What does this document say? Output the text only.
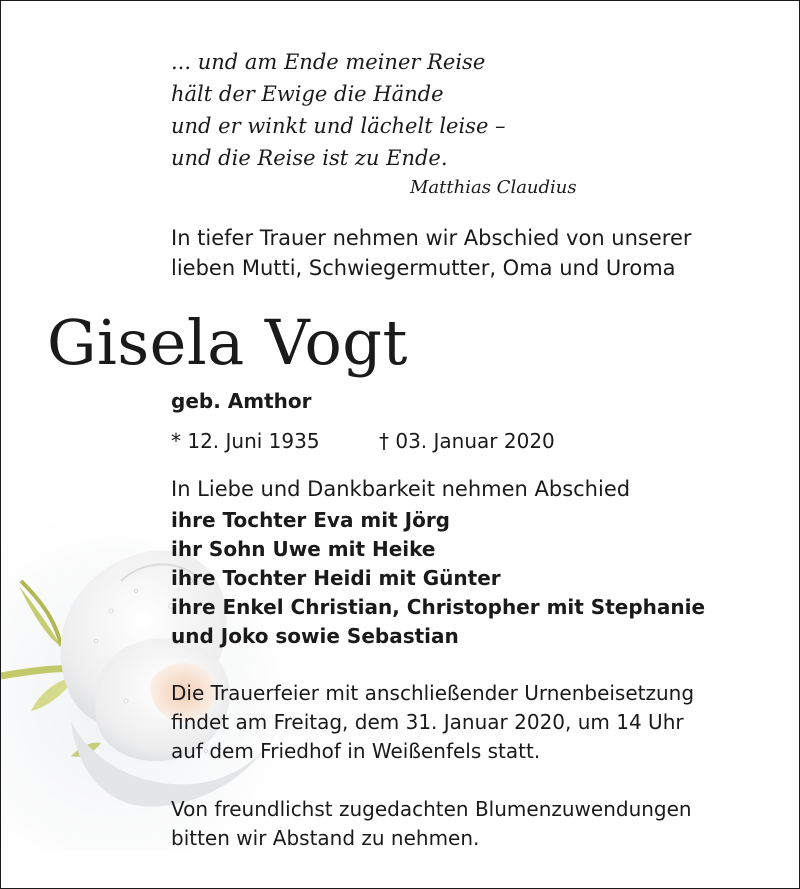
... und am Ende meiner Reise
hält der Ewige die Hände
und er winkt und lächelt leise –
und die Reise ist zu Ende.
Matthias Claudius
In tiefer Trauer nehmen wir Abschied von unserer
lieben Mutti, Schwiegermutter, Oma und Uroma
Gisela Vogt
geb. Amthor
* 12. Juni 1935	† 03. Januar 2020
In Liebe und Dankbarkeit nehmen Abschied
ihre Tochter Eva mit Jörg
ihr Sohn Uwe mit Heike
ihre Tochter Heidi mit Günter
ihre Enkel Christian, Christopher mit Stephanie
und Joko sowie Sebastian
Die Trauerfeier mit anschließender Urnenbeisetzung
findet am Freitag, dem 31. Januar 2020, um 14 Uhr
auf dem Friedhof in Weißenfels statt.
Von freundlichst zugedachten Blumenzuwendungen
bitten wir Abstand zu nehmen.
